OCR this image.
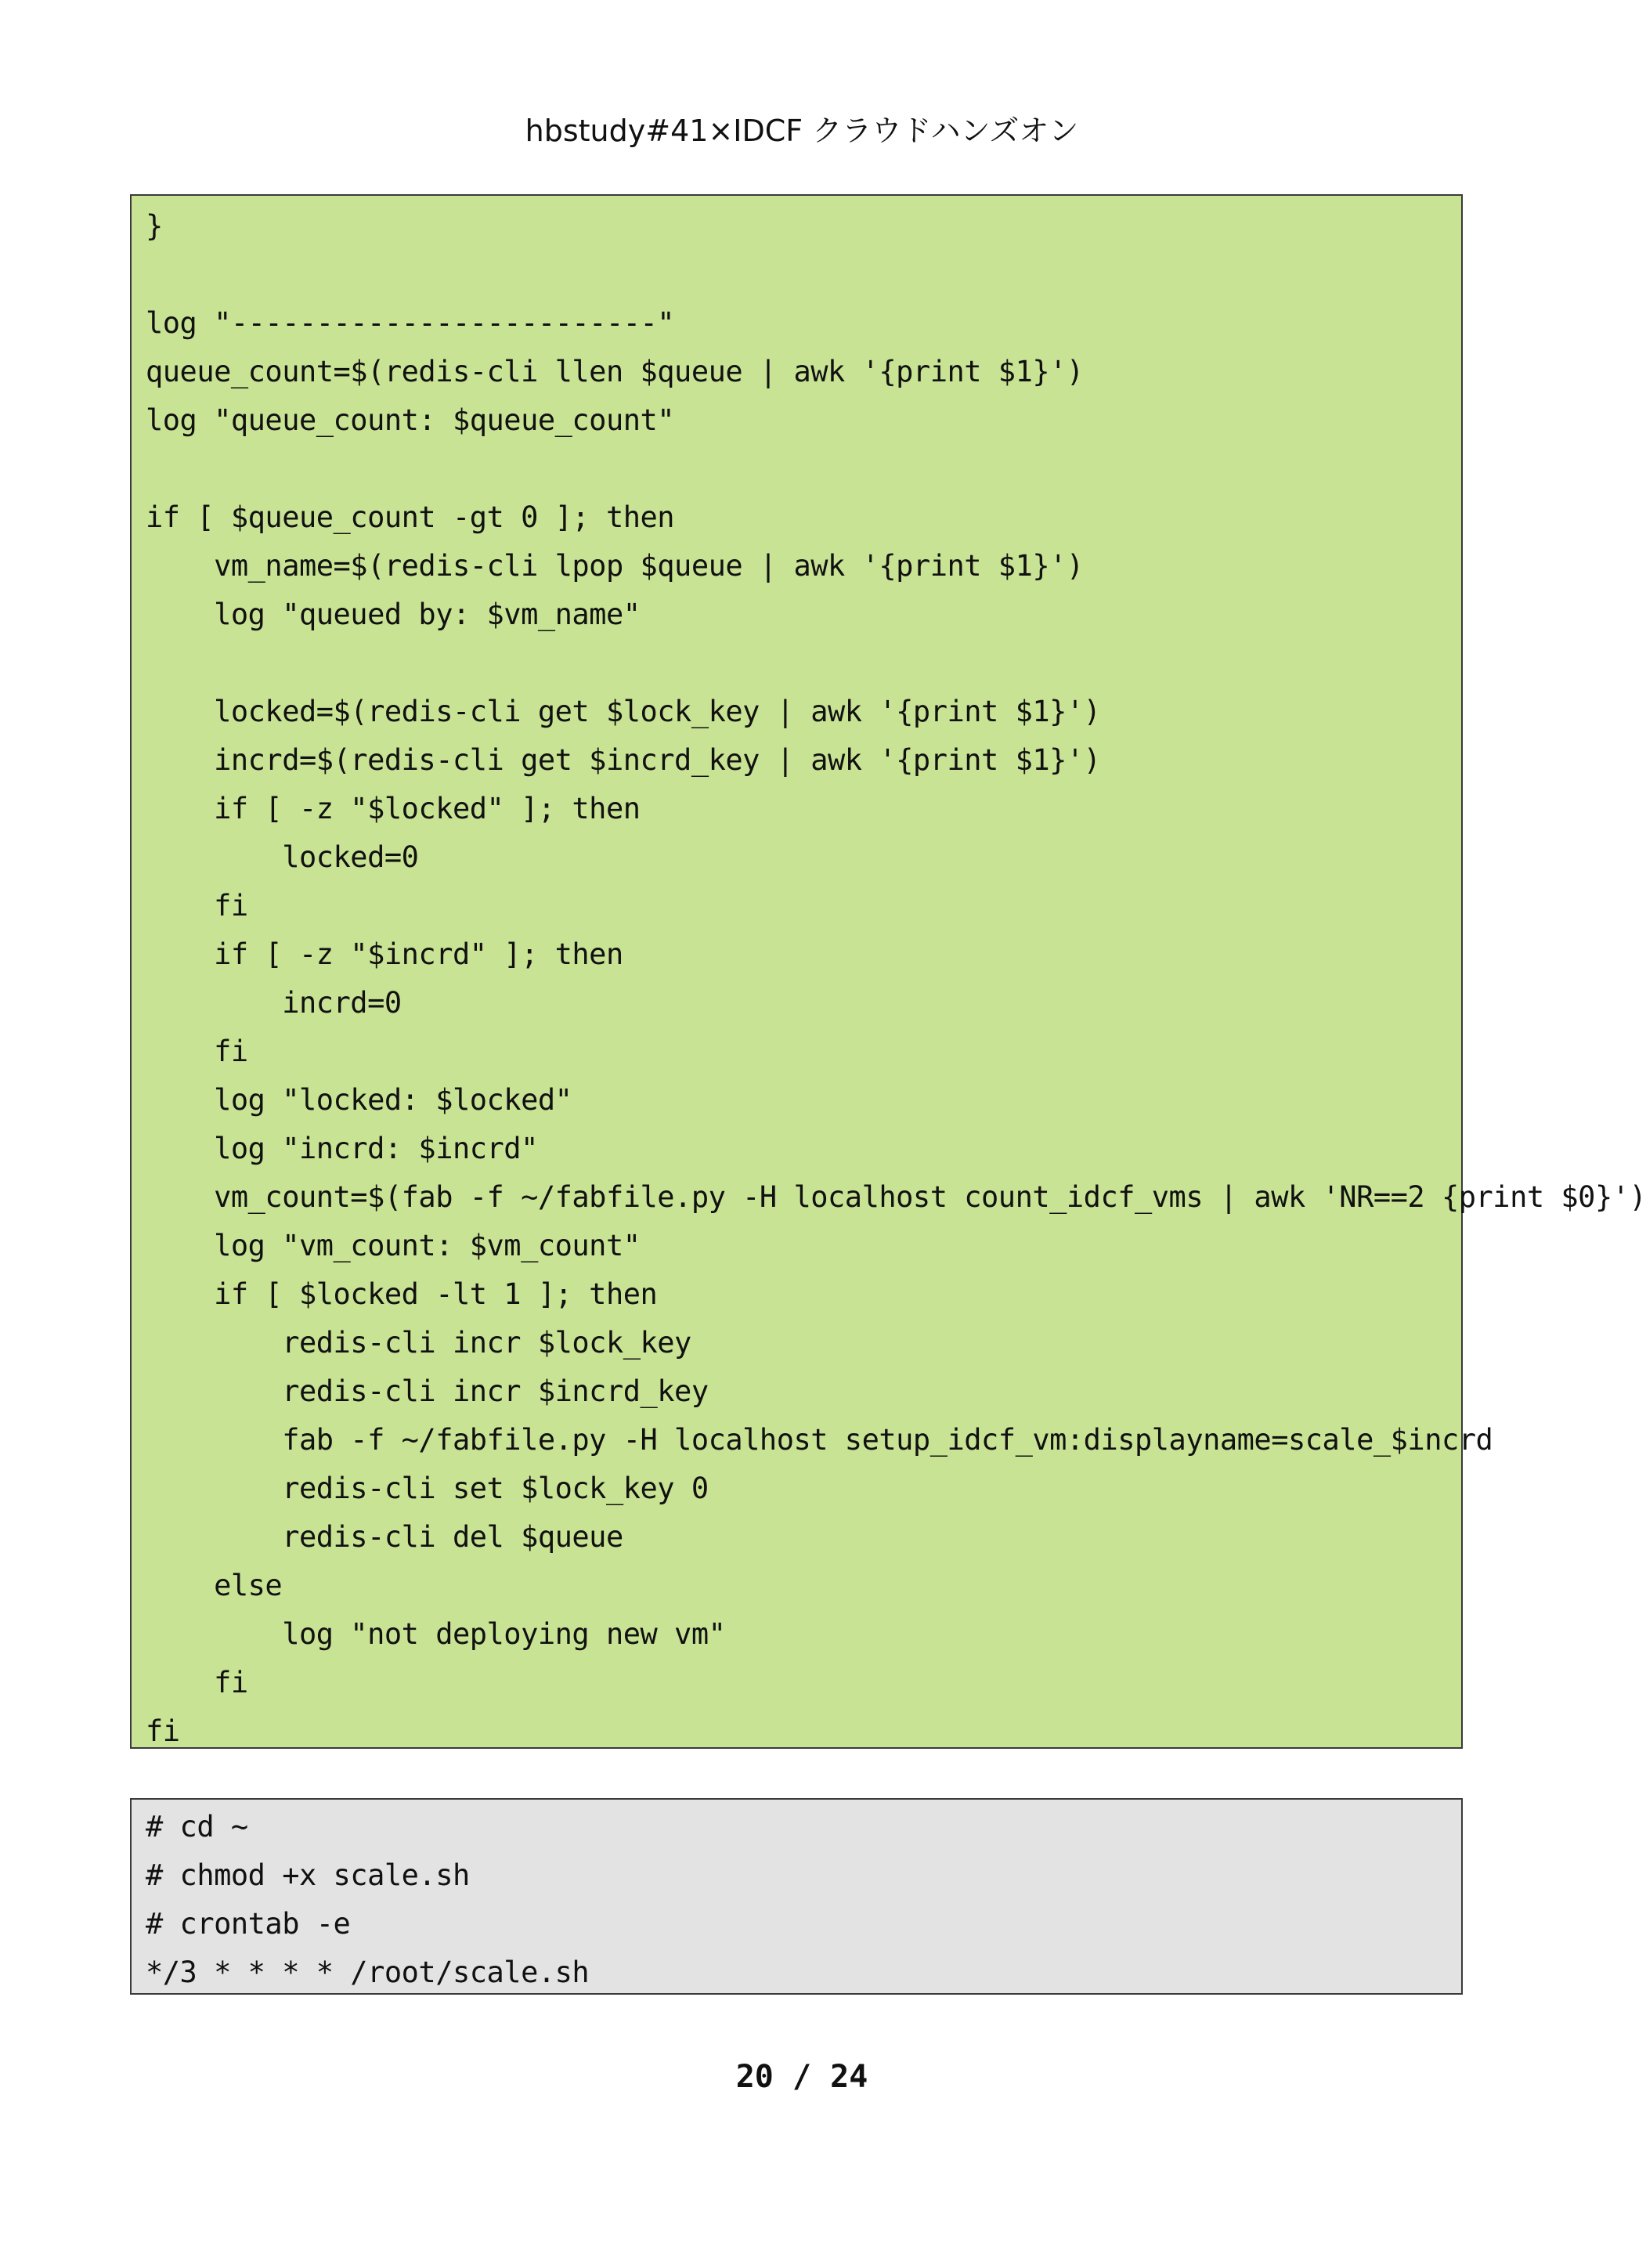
hbstudy#41×IDCF クラウドハンズオン
}
log "-------------------------"
queue_count=$(redis-cli llen $queue | awk '{print $1}')
log "queue_count: $queue_count"
if [ $queue_count -gt 0 ]; then
vm_name=$(redis-cli lpop $queue | awk '{print $1}')
log "queued by: $vm_name"
locked=$(redis-cli get $lock_key | awk '{print $1}')
incrd=$(redis-cli get $incrd_key | awk '{print $1}')
if [ -z "$locked" ]; then
locked=0
fi
if [ -z "$incrd" ]; then
incrd=0
fi
log "locked: $locked"
log "incrd: $incrd"
vm_count=$(fab -f ~/fabfile.py -H localhost count_idcf_vms | awk 'NR==2 {print $0}')
log "vm_count: $vm_count"
if [ $locked -lt 1 ]; then
redis-cli incr $lock_key
redis-cli incr $incrd_key
fab -f ~/fabfile.py -H localhost setup_idcf_vm:displayname=scale_$incrd
redis-cli set $lock_key 0
redis-cli del $queue
else
log "not deploying new vm"
fi
fi
# cd ~
# chmod +x scale.sh
# crontab -e
*/3 * * * * /root/scale.sh
20 / 24
